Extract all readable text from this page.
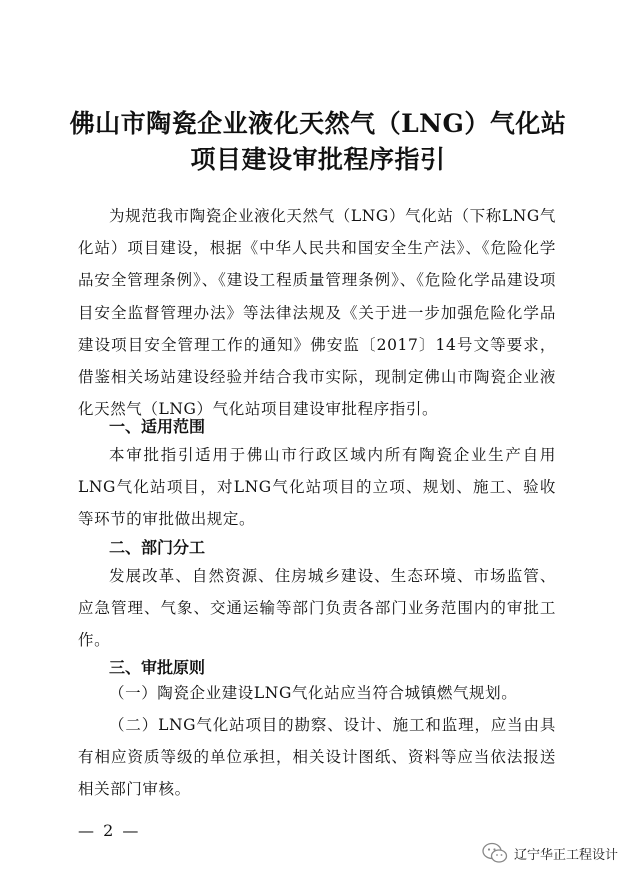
佛山市陶瓷企业液化天然气（LNG）气化站
项目建设审批程序指引

为规范我市陶瓷企业液化天然气（LNG）气化站（下称LNG气化站）项目建设，根据《中华人民共和国安全生产法》、《危险化学品安全管理条例》、《建设工程质量管理条例》、《危险化学品建设项目安全监督管理办法》等法律法规及《关于进一步加强危险化学品建设项目安全管理工作的通知》佛安监〔2017〕14号文等要求，借鉴相关场站建设经验并结合我市实际，现制定佛山市陶瓷企业液化天然气（LNG）气化站项目建设审批程序指引。

一、适用范围

本审批指引适用于佛山市行政区域内所有陶瓷企业生产自用LNG气化站项目，对LNG气化站项目的立项、规划、施工、验收等环节的审批做出规定。

二、部门分工

发展改革、自然资源、住房城乡建设、生态环境、市场监管、应急管理、气象、交通运输等部门负责各部门业务范围内的审批工作。

三、审批原则

（一）陶瓷企业建设LNG气化站应当符合城镇燃气规划。

（二）LNG气化站项目的勘察、设计、施工和监理，应当由具有相应资质等级的单位承担，相关设计图纸、资料等应当依法报送相关部门审核。

— 2 —
辽宁华正工程设计
